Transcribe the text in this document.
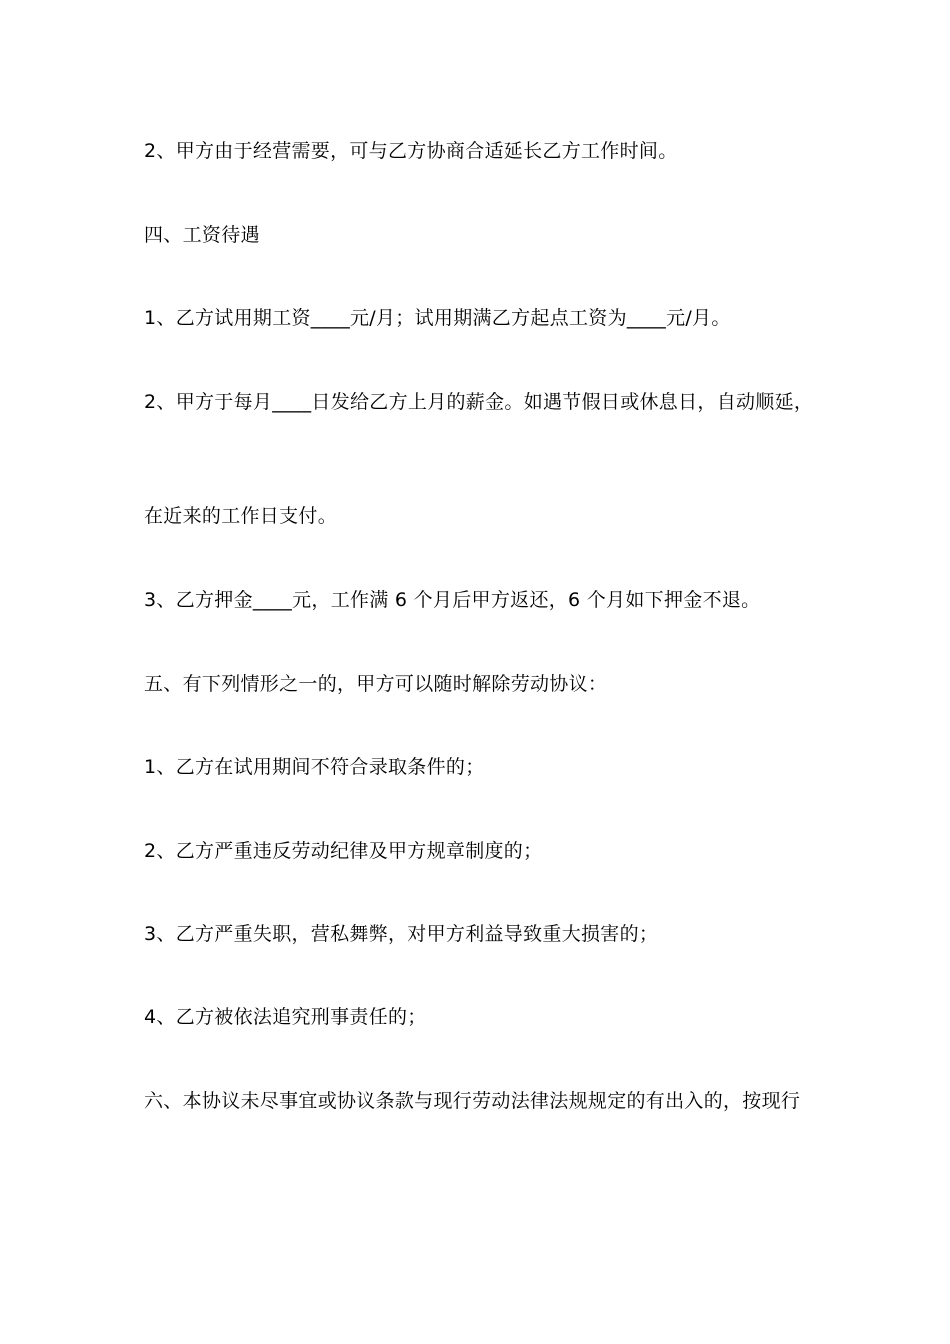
2、甲方由于经营需要，可与乙方协商合适延长乙方工作时间。
四、工资待遇
1、乙方试用期工资____元/月；试用期满乙方起点工资为____元/月。
2、甲方于每月____日发给乙方上月的薪金。如遇节假日或休息日，自动顺延，
在近来的工作日支付。
3、乙方押金____元，工作满 6 个月后甲方返还，6 个月如下押金不退。
五、有下列情形之一的，甲方可以随时解除劳动协议：
1、乙方在试用期间不符合录取条件的；
2、乙方严重违反劳动纪律及甲方规章制度的；
3、乙方严重失职，营私舞弊，对甲方利益导致重大损害的；
4、乙方被依法追究刑事责任的；
六、本协议未尽事宜或协议条款与现行劳动法律法规规定的有出入的，按现行
